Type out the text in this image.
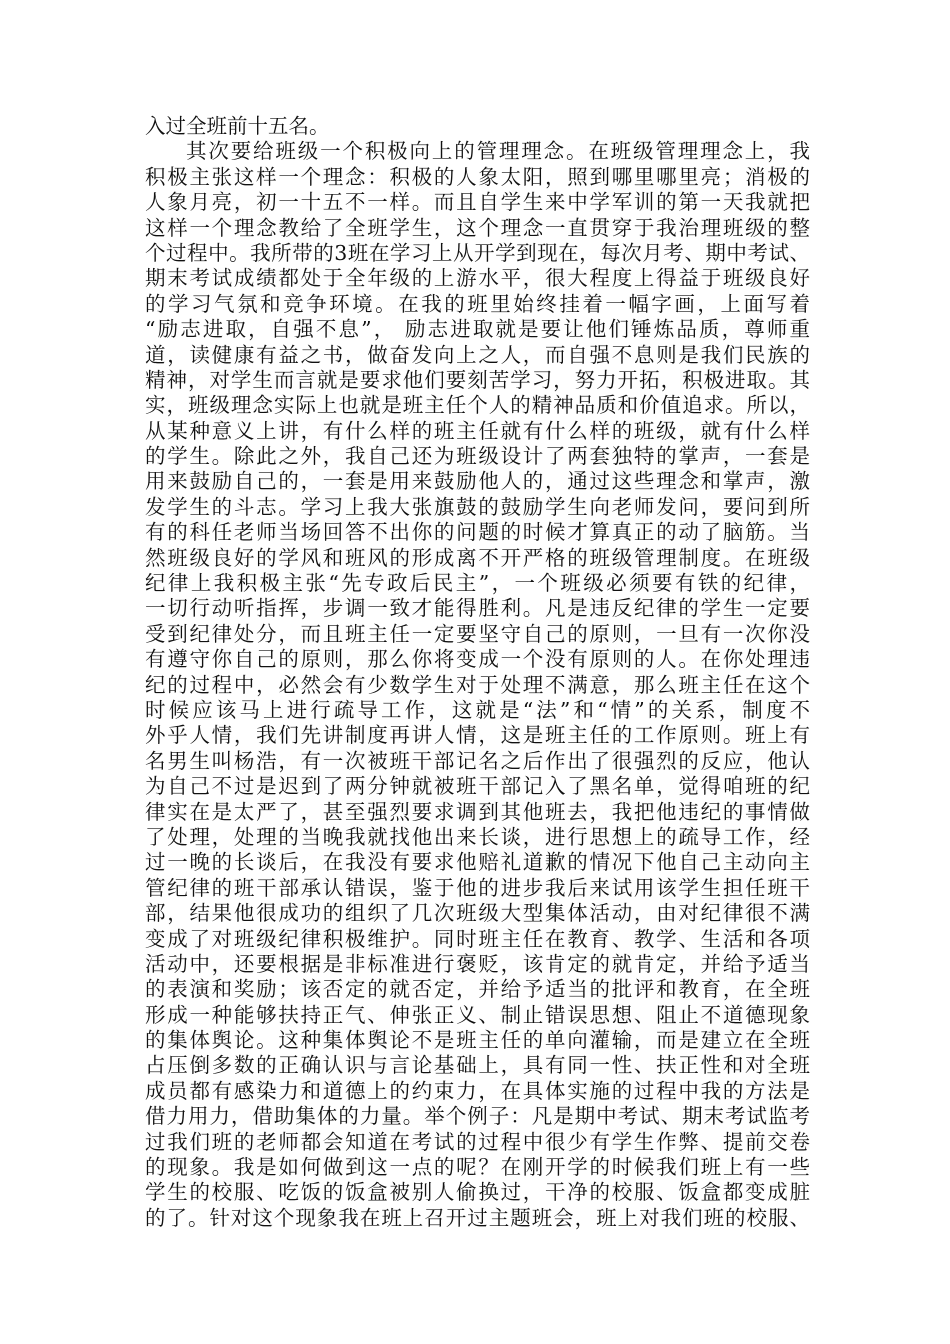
入过全班前十五名。
其次要给班级一个积极向上的管理理念。在班级管理理念上，我
积极主张这样一个理念：积极的人象太阳，照到哪里哪里亮；消极的
人象月亮，初一十五不一样。而且自学生来中学军训的第一天我就把
这样一个理念教给了全班学生，这个理念一直贯穿于我治理班级的整
个过程中。我所带的3班在学习上从开学到现在，每次月考、期中考试、
期末考试成绩都处于全年级的上游水平，很大程度上得益于班级良好
的学习气氛和竞争环境。在我的班里始终挂着一幅字画，上面写着
“励志进取，自强不息”， 励志进取就是要让他们锤炼品质，尊师重
道，读健康有益之书，做奋发向上之人，而自强不息则是我们民族的
精神，对学生而言就是要求他们要刻苦学习，努力开拓，积极进取。其
实，班级理念实际上也就是班主任个人的精神品质和价值追求。所以，
从某种意义上讲，有什么样的班主任就有什么样的班级，就有什么样
的学生。除此之外，我自己还为班级设计了两套独特的掌声，一套是
用来鼓励自己的，一套是用来鼓励他人的，通过这些理念和掌声，激
发学生的斗志。学习上我大张旗鼓的鼓励学生向老师发问，要问到所
有的科任老师当场回答不出你的问题的时候才算真正的动了脑筋。当
然班级良好的学风和班风的形成离不开严格的班级管理制度。在班级
纪律上我积极主张“先专政后民主”，一个班级必须要有铁的纪律，
一切行动听指挥，步调一致才能得胜利。凡是违反纪律的学生一定要
受到纪律处分，而且班主任一定要坚守自己的原则，一旦有一次你没
有遵守你自己的原则，那么你将变成一个没有原则的人。在你处理违
纪的过程中，必然会有少数学生对于处理不满意，那么班主任在这个
时候应该马上进行疏导工作，这就是“法”和“情”的关系，制度不
外乎人情，我们先讲制度再讲人情，这是班主任的工作原则。班上有
名男生叫杨浩，有一次被班干部记名之后作出了很强烈的反应，他认
为自己不过是迟到了两分钟就被班干部记入了黑名单，觉得咱班的纪
律实在是太严了，甚至强烈要求调到其他班去，我把他违纪的事情做
了处理，处理的当晚我就找他出来长谈，进行思想上的疏导工作，经
过一晚的长谈后，在我没有要求他赔礼道歉的情况下他自己主动向主
管纪律的班干部承认错误，鉴于他的进步我后来试用该学生担任班干
部，结果他很成功的组织了几次班级大型集体活动，由对纪律很不满
变成了对班级纪律积极维护。同时班主任在教育、教学、生活和各项
活动中，还要根据是非标准进行褒贬，该肯定的就肯定，并给予适当
的表演和奖励；该否定的就否定，并给予适当的批评和教育，在全班
形成一种能够扶持正气、伸张正义、制止错误思想、阻止不道德现象
的集体舆论。这种集体舆论不是班主任的单向灌输，而是建立在全班
占压倒多数的正确认识与言论基础上，具有同一性、扶正性和对全班
成员都有感染力和道德上的约束力，在具体实施的过程中我的方法是
借力用力，借助集体的力量。举个例子：凡是期中考试、期末考试监考
过我们班的老师都会知道在考试的过程中很少有学生作弊、提前交卷
的现象。我是如何做到这一点的呢？在刚开学的时候我们班上有一些
学生的校服、吃饭的饭盒被别人偷换过，干净的校服、饭盒都变成脏
的了。针对这个现象我在班上召开过主题班会，班上对我们班的校服、
